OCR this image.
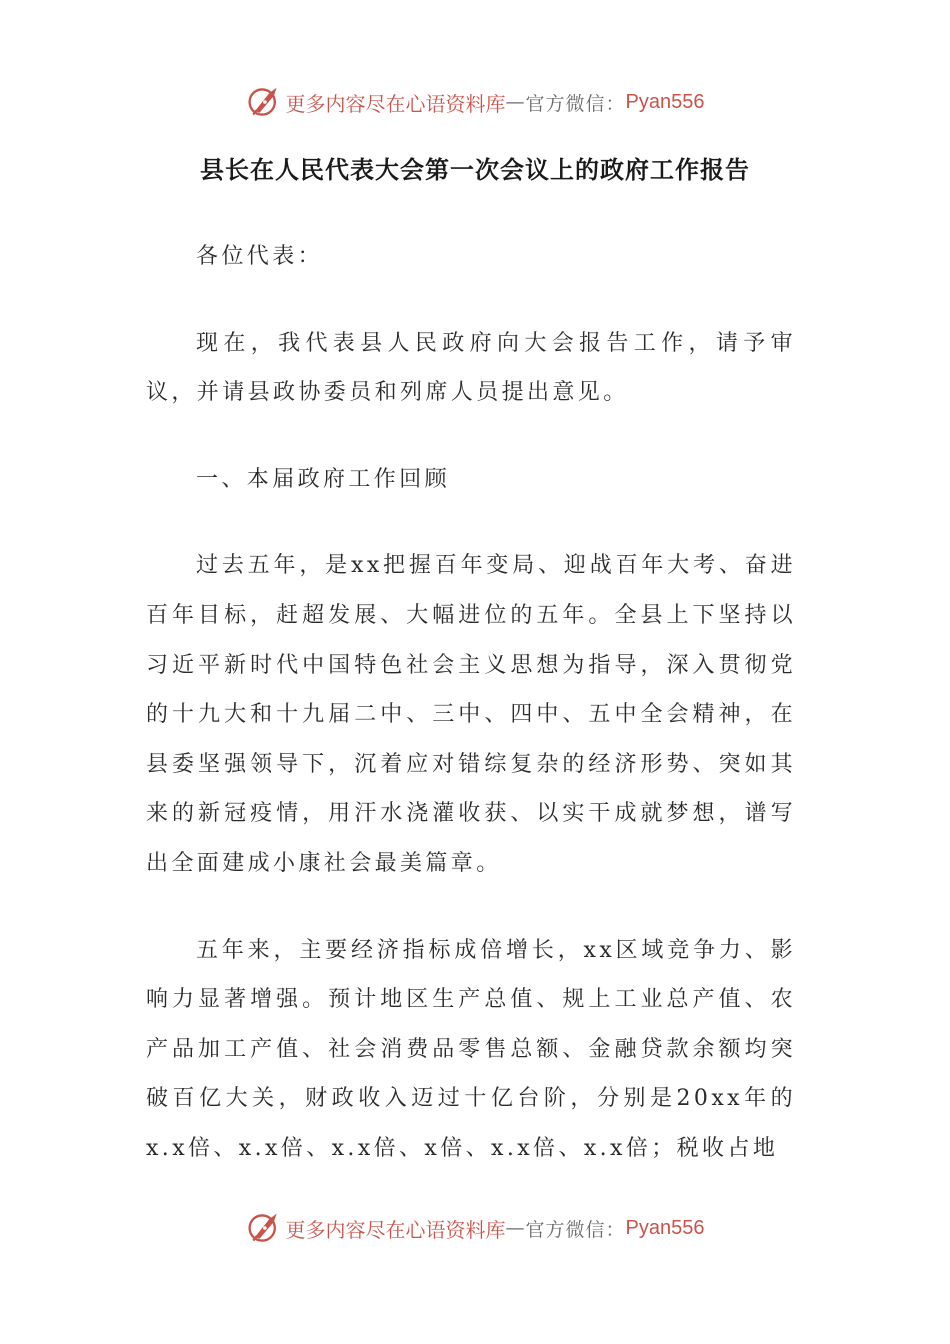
更多内容尽在心语资料库 — 官方微信： Pyan556
县长在人民代表大会第一次会议上的政府工作报告

各位代表：

现在，我代表县人民政府向大会报告工作，请予审议，并请县政协委员和列席人员提出意见。

一、本届政府工作回顾

过去五年，是xx把握百年变局、迎战百年大考、奋进百年目标，赶超发展、大幅进位的五年。全县上下坚持以习近平新时代中国特色社会主义思想为指导，深入贯彻党的十九大和十九届二中、三中、四中、五中全会精神，在县委坚强领导下，沉着应对错综复杂的经济形势、突如其来的新冠疫情，用汗水浇灌收获、以实干成就梦想，谱写出全面建成小康社会最美篇章。

五年来，主要经济指标成倍增长，xx区域竞争力、影响力显著增强。预计地区生产总值、规上工业总产值、农产品加工产值、社会消费品零售总额、金融贷款余额均突破百亿大关，财政收入迈过十亿台阶，分别是20xx年的x.x倍、x.x倍、x.x倍、x倍、x.x倍、x.x倍；税收占地

更多内容尽在心语资料库 — 官方微信： Pyan556
